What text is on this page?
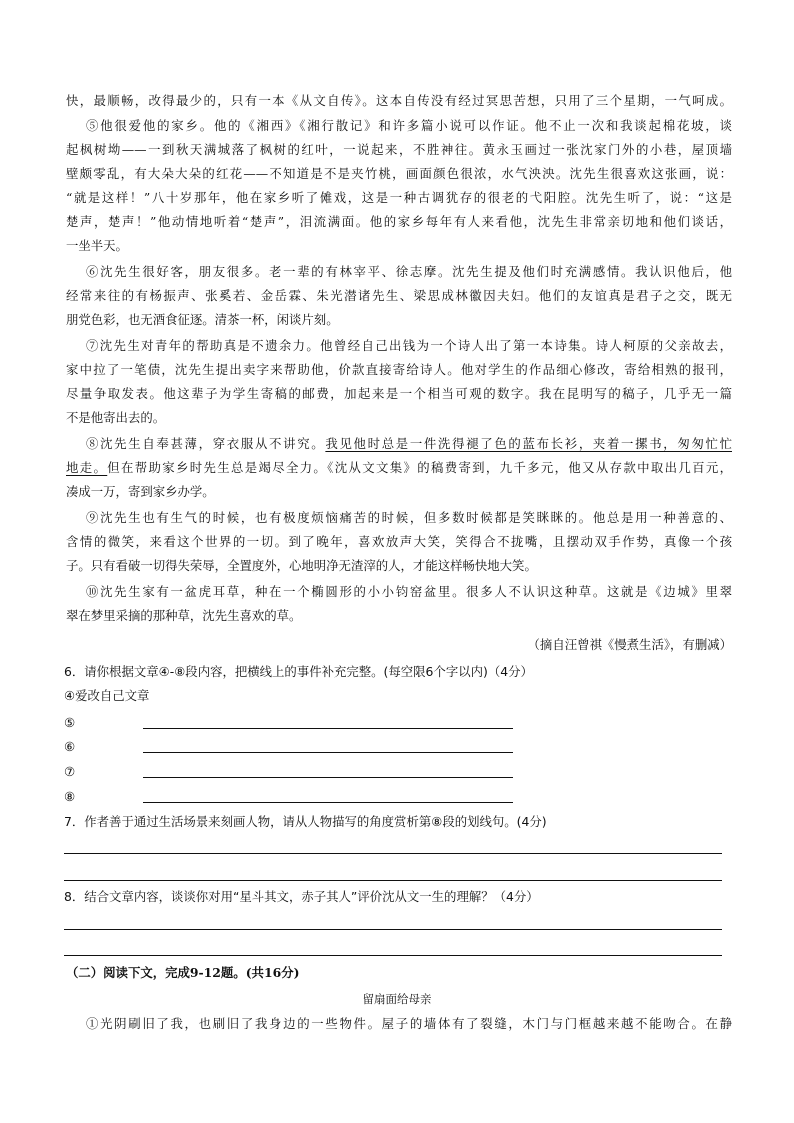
快，最顺畅，改得最少的，只有一本《从文自传》。这本自传没有经过冥思苦想，只用了三个星期，一气呵成。
⑤他很爱他的家乡。他的《湘西》《湘行散记》和许多篇小说可以作证。他不止一次和我谈起棉花坡，谈
起枫树坳——一到秋天满城落了枫树的红叶，一说起来，不胜神往。黄永玉画过一张沈家门外的小巷，屋顶墙
壁颇零乱，有大朵大朵的红花——不知道是不是夹竹桃，画面颜色很浓，水气泱泱。沈先生很喜欢这张画，说：
“就是这样！”八十岁那年，他在家乡听了傩戏，这是一种古调犹存的很老的弋阳腔。沈先生听了，说：“这是
楚声，楚声！”他动情地听着“楚声”，泪流满面。他的家乡每年有人来看他，沈先生非常亲切地和他们谈话，
一坐半天。
⑥沈先生很好客，朋友很多。老一辈的有林宰平、徐志摩。沈先生提及他们时充满感情。我认识他后，他
经常来往的有杨振声、张奚若、金岳霖、朱光潜诸先生、梁思成林徽因夫妇。他们的友谊真是君子之交，既无
朋党色彩，也无酒食征逐。清茶一杯，闲谈片刻。
⑦沈先生对青年的帮助真是不遗余力。他曾经自己出钱为一个诗人出了第一本诗集。诗人柯原的父亲故去，
家中拉了一笔债，沈先生提出卖字来帮助他，价款直接寄给诗人。他对学生的作品细心修改，寄给相熟的报刊，
尽量争取发表。他这辈子为学生寄稿的邮费，加起来是一个相当可观的数字。我在昆明写的稿子，几乎无一篇
不是他寄出去的。
⑧沈先生自奉甚薄，穿衣服从不讲究。我见他时总是一件洗得褪了色的蓝布长衫，夹着一摞书，匆匆忙忙
地走。但在帮助家乡时先生总是竭尽全力。《沈从文文集》的稿费寄到，九千多元，他又从存款中取出几百元，
凑成一万，寄到家乡办学。
⑨沈先生也有生气的时候，也有极度烦恼痛苦的时候，但多数时候都是笑眯眯的。他总是用一种善意的、
含情的微笑，来看这个世界的一切。到了晚年，喜欢放声大笑，笑得合不拢嘴，且摆动双手作势，真像一个孩
子。只有看破一切得失荣辱，全置度外，心地明净无渣滓的人，才能这样畅快地大笑。
⑩沈先生家有一盆虎耳草，种在一个椭圆形的小小钧窑盆里。很多人不认识这种草。这就是《边城》里翠
翠在梦里采摘的那种草，沈先生喜欢的草。
（摘自汪曾祺《慢煮生活》，有删减）
6．请你根据文章④-⑧段内容，把横线上的事件补充完整。(每空限6个字以内)（4分）
④爱改自己文章
⑤
⑥
⑦
⑧
7．作者善于通过生活场景来刻画人物，请从人物描写的角度赏析第⑧段的划线句。(4分)
8．结合文章内容，谈谈你对用“星斗其文，赤子其人”评价沈从文一生的理解？（4分）
（二）阅读下文，完成9-12题。(共16分)
留扇面给母亲
①光阴刷旧了我，也刷旧了我身边的一些物件。屋子的墙体有了裂缝，木门与门框越来越不能吻合。在静
